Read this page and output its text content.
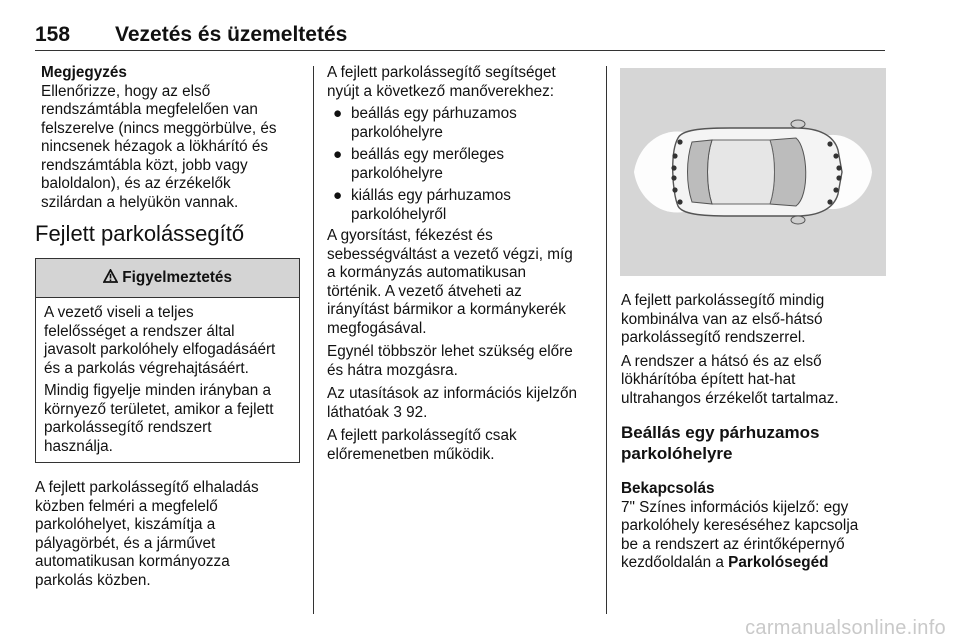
158 Vezetés és üzemeltetés

Megjegyzés

Ellenőrizze, hogy az első

rendszámtábla megfelelően van

felszerelve (nincs meggörbülve, és

nincsenek hézagok a lökhárító és

rendszámtábla közt, jobb vagy

baloldalon), és az érzékelők

szilárdan a helyükön vannak.

Fejlett parkolássegítő

Figyelmeztetés

A vezető viseli a teljes

felelősséget a rendszer által

javasolt parkolóhely elfogadásáért

és a parkolás végrehajtásáért.

Mindig figyelje minden irányban a

környező területet, amikor a fejlett

parkolássegítő rendszert

használja.

A fejlett parkolássegítő elhaladás

közben felméri a megfelelő

parkolóhelyet, kiszámítja a

pályagörbét, és a járművet

automatikusan kormányozza

parkolás közben.

A fejlett parkolássegítő segítséget

nyújt a következő manőverekhez:

● beállás egy párhuzamos

parkolóhelyre

● beállás egy merőleges

parkolóhelyre

● kiállás egy párhuzamos

parkolóhelyről

A gyorsítást, fékezést és

sebességváltást a vezető végzi, míg

a kormányzás automatikusan

történik. A vezető átveheti az

irányítást bármikor a kormánykerék

megfogásával.

Egynél többször lehet szükség előre

és hátra mozgásra.

Az utasítások az információs kijelzőn

láthatóak 3 92.

A fejlett parkolássegítő csak

előremenetben működik.

A fejlett parkolássegítő mindig

kombinálva van az első-hátsó

parkolássegítő rendszerrel.

A rendszer a hátsó és az első

lökhárítóba épített hat-hat

ultrahangos érzékelőt tartalmaz.

Beállás egy párhuzamos

parkolóhelyre

Bekapcsolás

7" Színes információs kijelző: egy

parkolóhely kereséséhez kapcsolja

be a rendszert az érintőképernyő

kezdőoldalán a Parkolósegéd

carmanualsonline.info
